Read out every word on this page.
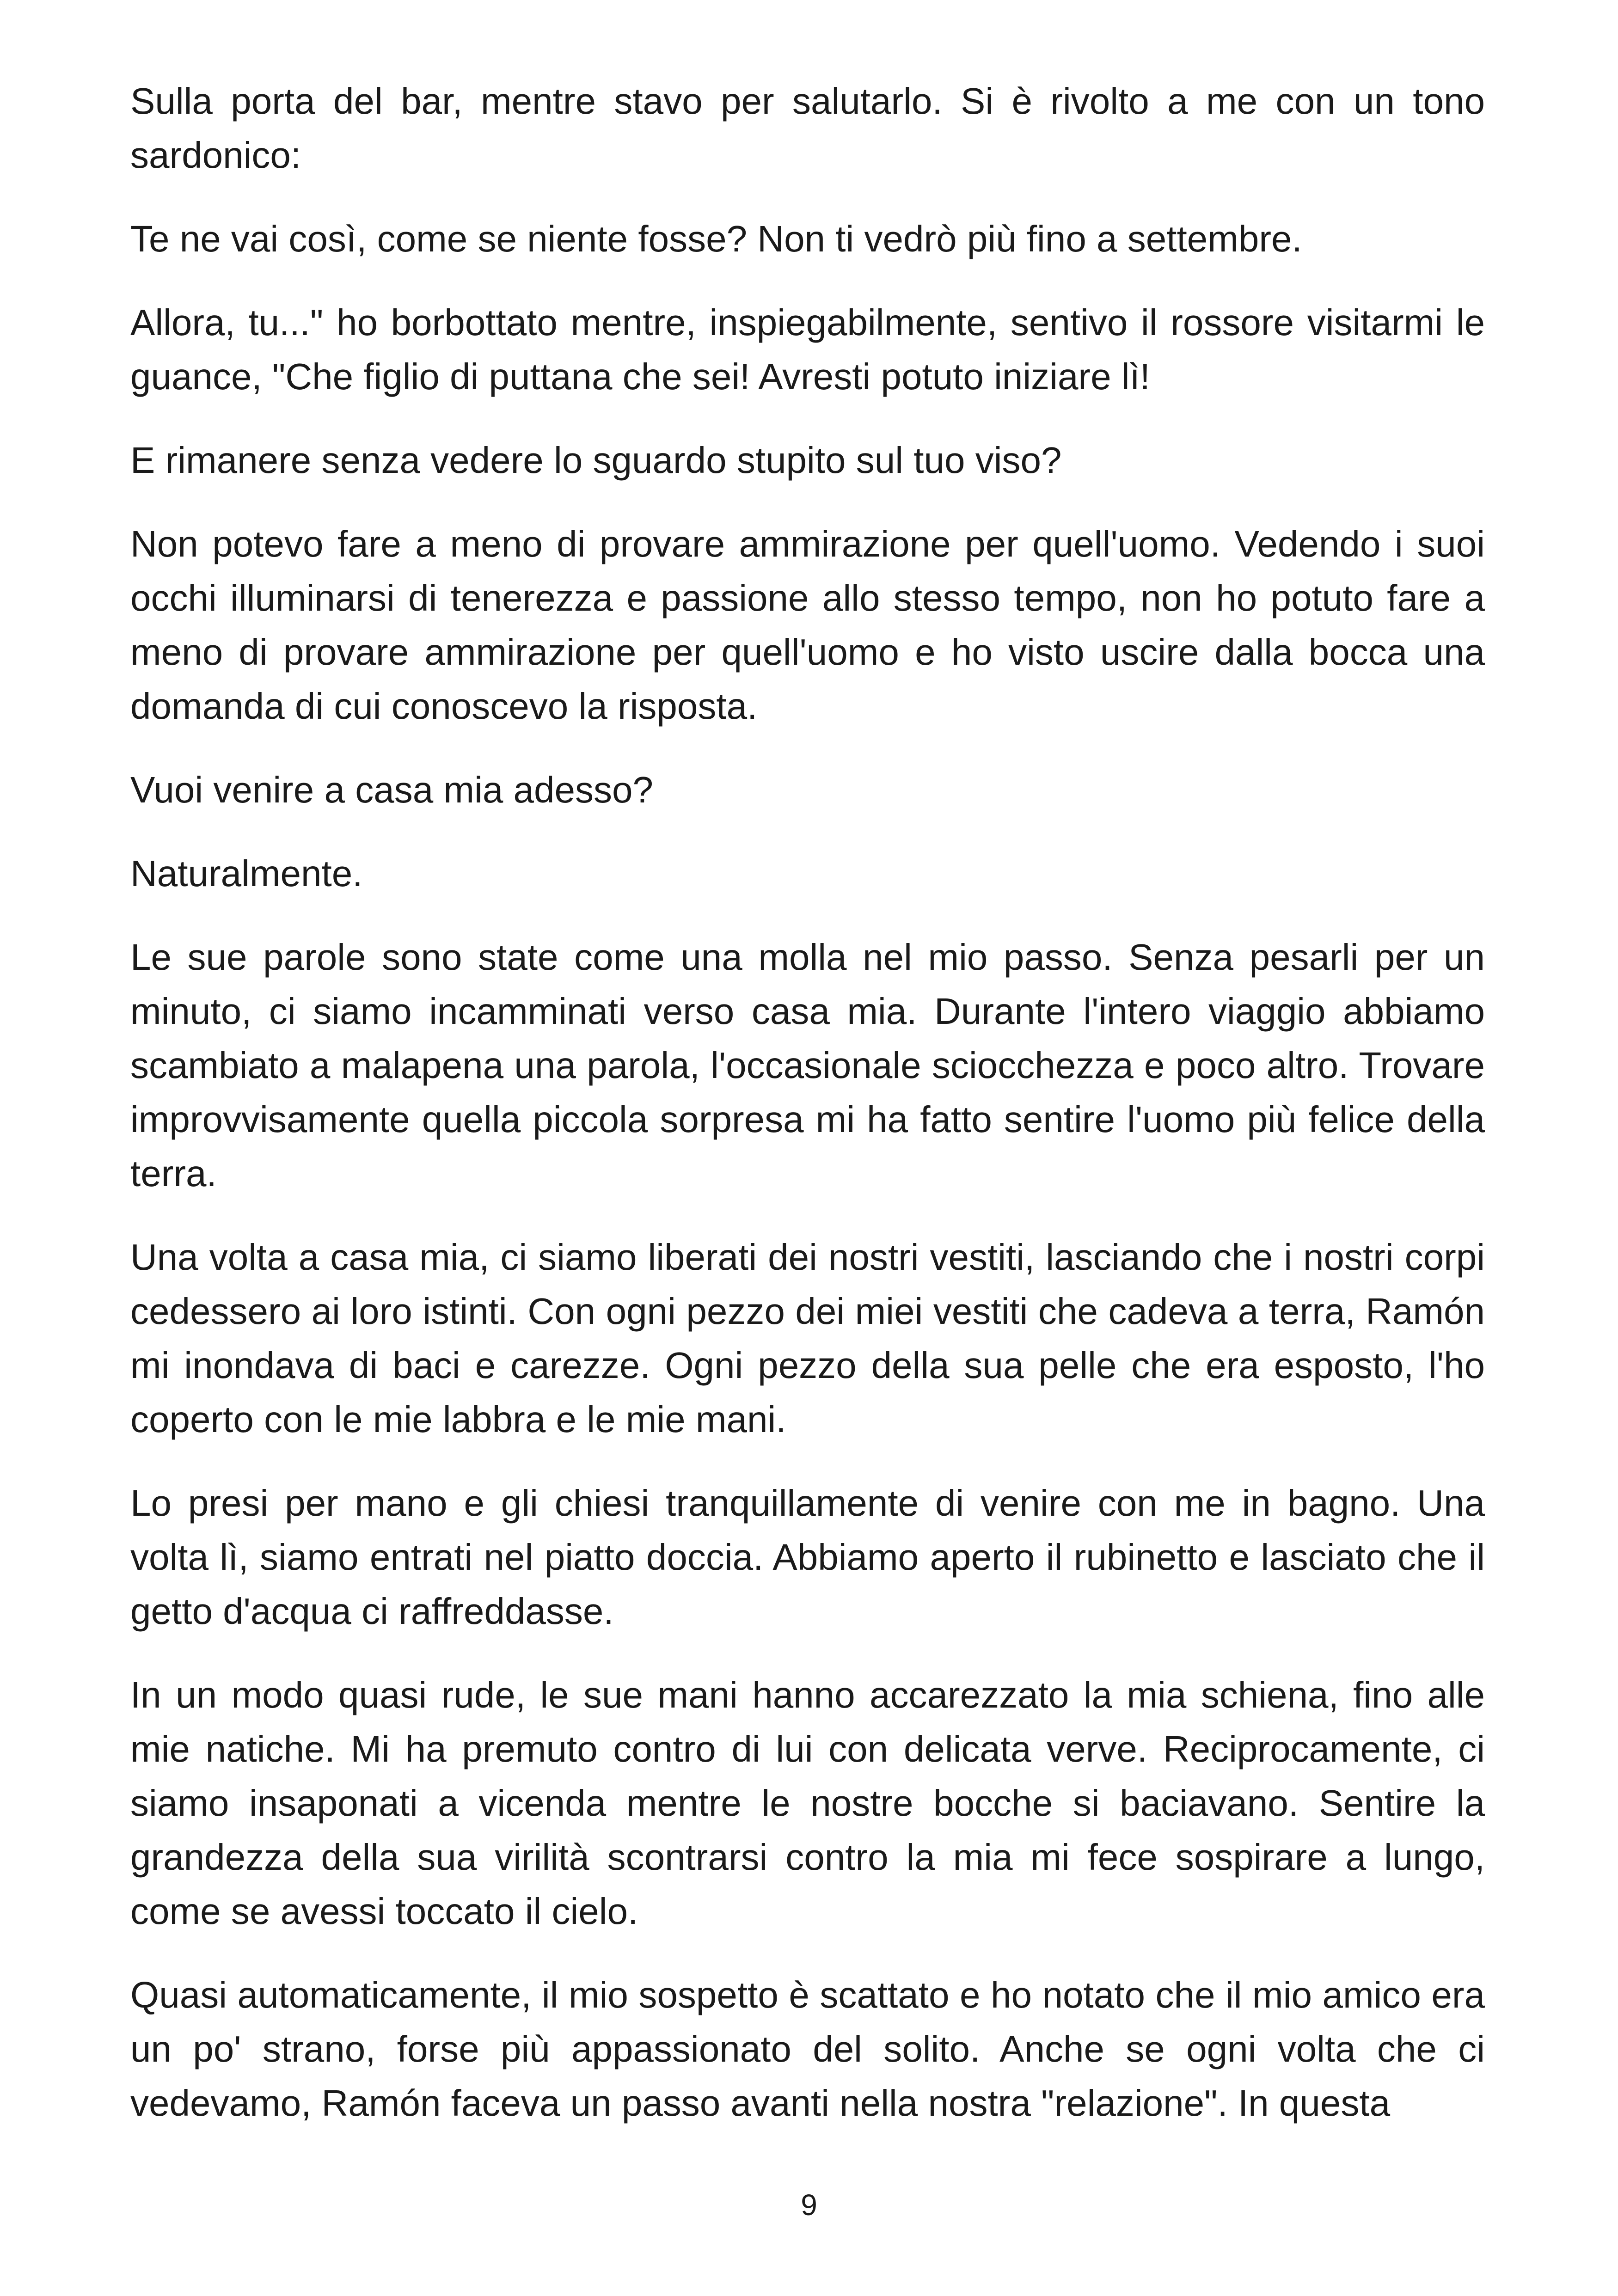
Sulla porta del bar, mentre stavo per salutarlo. Si è rivolto a me con un tono sardonico:

Te ne vai così, come se niente fosse? Non ti vedrò più fino a settembre.

Allora, tu..." ho borbottato mentre, inspiegabilmente, sentivo il rossore visitarmi le guance, "Che figlio di puttana che sei! Avresti potuto iniziare lì!

E rimanere senza vedere lo sguardo stupito sul tuo viso?

Non potevo fare a meno di provare ammirazione per quell'uomo. Vedendo i suoi occhi illuminarsi di tenerezza e passione allo stesso tempo, non ho potuto fare a meno di provare ammirazione per quell'uomo e ho visto uscire dalla bocca una domanda di cui conoscevo la risposta.

Vuoi venire a casa mia adesso?

Naturalmente.

Le sue parole sono state come una molla nel mio passo. Senza pesarli per un minuto, ci siamo incamminati verso casa mia. Durante l'intero viaggio abbiamo scambiato a malapena una parola, l'occasionale sciocchezza e poco altro. Trovare improvvisamente quella piccola sorpresa mi ha fatto sentire l'uomo più felice della terra.

Una volta a casa mia, ci siamo liberati dei nostri vestiti, lasciando che i nostri corpi cedessero ai loro istinti. Con ogni pezzo dei miei vestiti che cadeva a terra, Ramón mi inondava di baci e carezze. Ogni pezzo della sua pelle che era esposto, l'ho coperto con le mie labbra e le mie mani.

Lo presi per mano e gli chiesi tranquillamente di venire con me in bagno. Una volta lì, siamo entrati nel piatto doccia. Abbiamo aperto il rubinetto e lasciato che il getto d'acqua ci raffreddasse.

In un modo quasi rude, le sue mani hanno accarezzato la mia schiena, fino alle mie natiche. Mi ha premuto contro di lui con delicata verve. Reciprocamente, ci siamo insaponati a vicenda mentre le nostre bocche si baciavano. Sentire la grandezza della sua virilità scontrarsi contro la mia mi fece sospirare a lungo, come se avessi toccato il cielo.

Quasi automaticamente, il mio sospetto è scattato e ho notato che il mio amico era un po' strano, forse più appassionato del solito. Anche se ogni volta che ci vedevamo, Ramón faceva un passo avanti nella nostra "relazione". In questa

9
